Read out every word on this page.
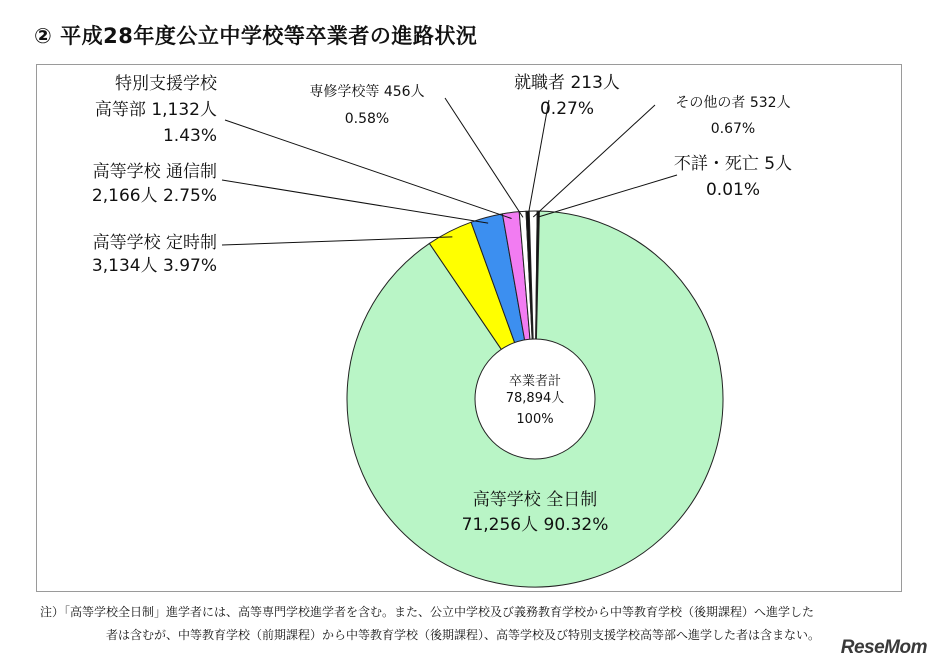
② 平成28年度公立中学校等卒業者の進路状況
高等学校 全日制
71,256人 90.32%
高等学校 定時制
3,134人 3.97%
高等学校 通信制
2,166人 2.75%
特別支援学校
高等部 1,132人
1.43%
専修学校等 456人
0.58%
就職者 213人
0.27%	その他の者 532人
0.67%
不詳・死亡 5人
0.01%
卒業者計
78,894人
100%
注）「高等学校全日制」進学者には、高等専門学校進学者を含む。また、公立中学校及び義務教育学校から中等教育学校（後期課程）へ進学した
者は含むが、中等教育学校（前期課程）から中等教育学校（後期課程）、高等学校及び特別支援学校高等部へ進学した者は含まない。
ReseMom
